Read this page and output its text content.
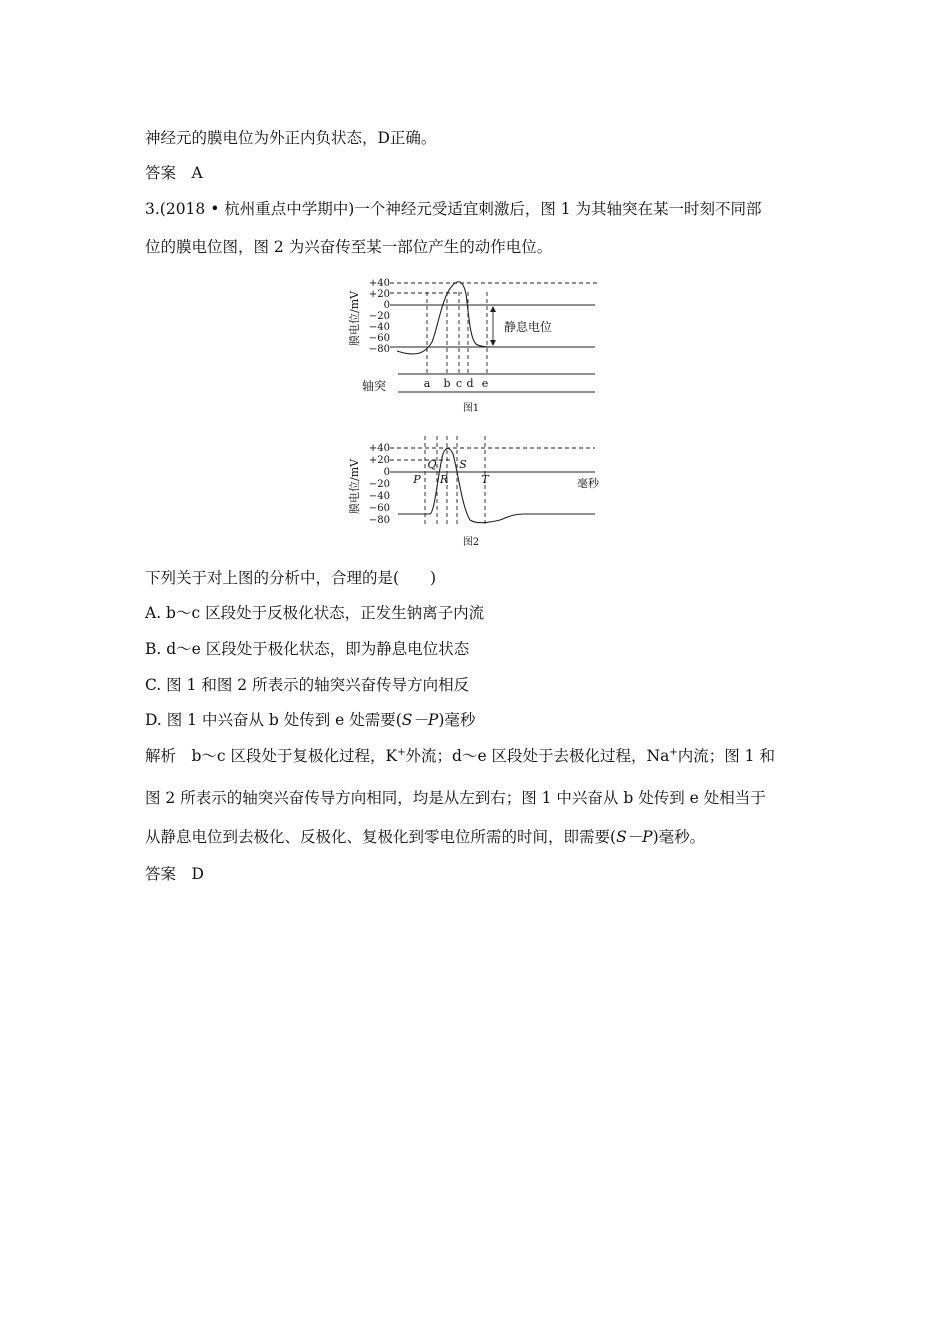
神经元的膜电位为外正内负状态，D正确。
答案　A
3.(2018 • 杭州重点中学期中)一个神经元受适宜刺激后，图 1 为其轴突在某一时刻不同部
位的膜电位图，图 2 为兴奋传至某一部位产生的动作电位。
膜电位/mV
+40
+20
0
−20
−40
−60
−80
静息电位
轴突	a b c d e
图1
膜电位/mV
+40
+20
0
−20
−40
−60
−80
P
Q
R
S
T	毫秒
图2
下列关于对上图的分析中，合理的是(　　)
A. b～c 区段处于反极化状态，正发生钠离子内流
B. d～e 区段处于极化状态，即为静息电位状态
C. 图 1 和图 2 所表示的轴突兴奋传导方向相反
D. 图 1 中兴奋从 b 处传到 e 处需要(S－P)毫秒
解析　b～c 区段处于复极化过程，K+外流；d～e 区段处于去极化过程，Na+内流；图 1 和
图 2 所表示的轴突兴奋传导方向相同，均是从左到右；图 1 中兴奋从 b 处传到 e 处相当于
从静息电位到去极化、反极化、复极化到零电位所需的时间，即需要(S－P)毫秒。
答案　D
